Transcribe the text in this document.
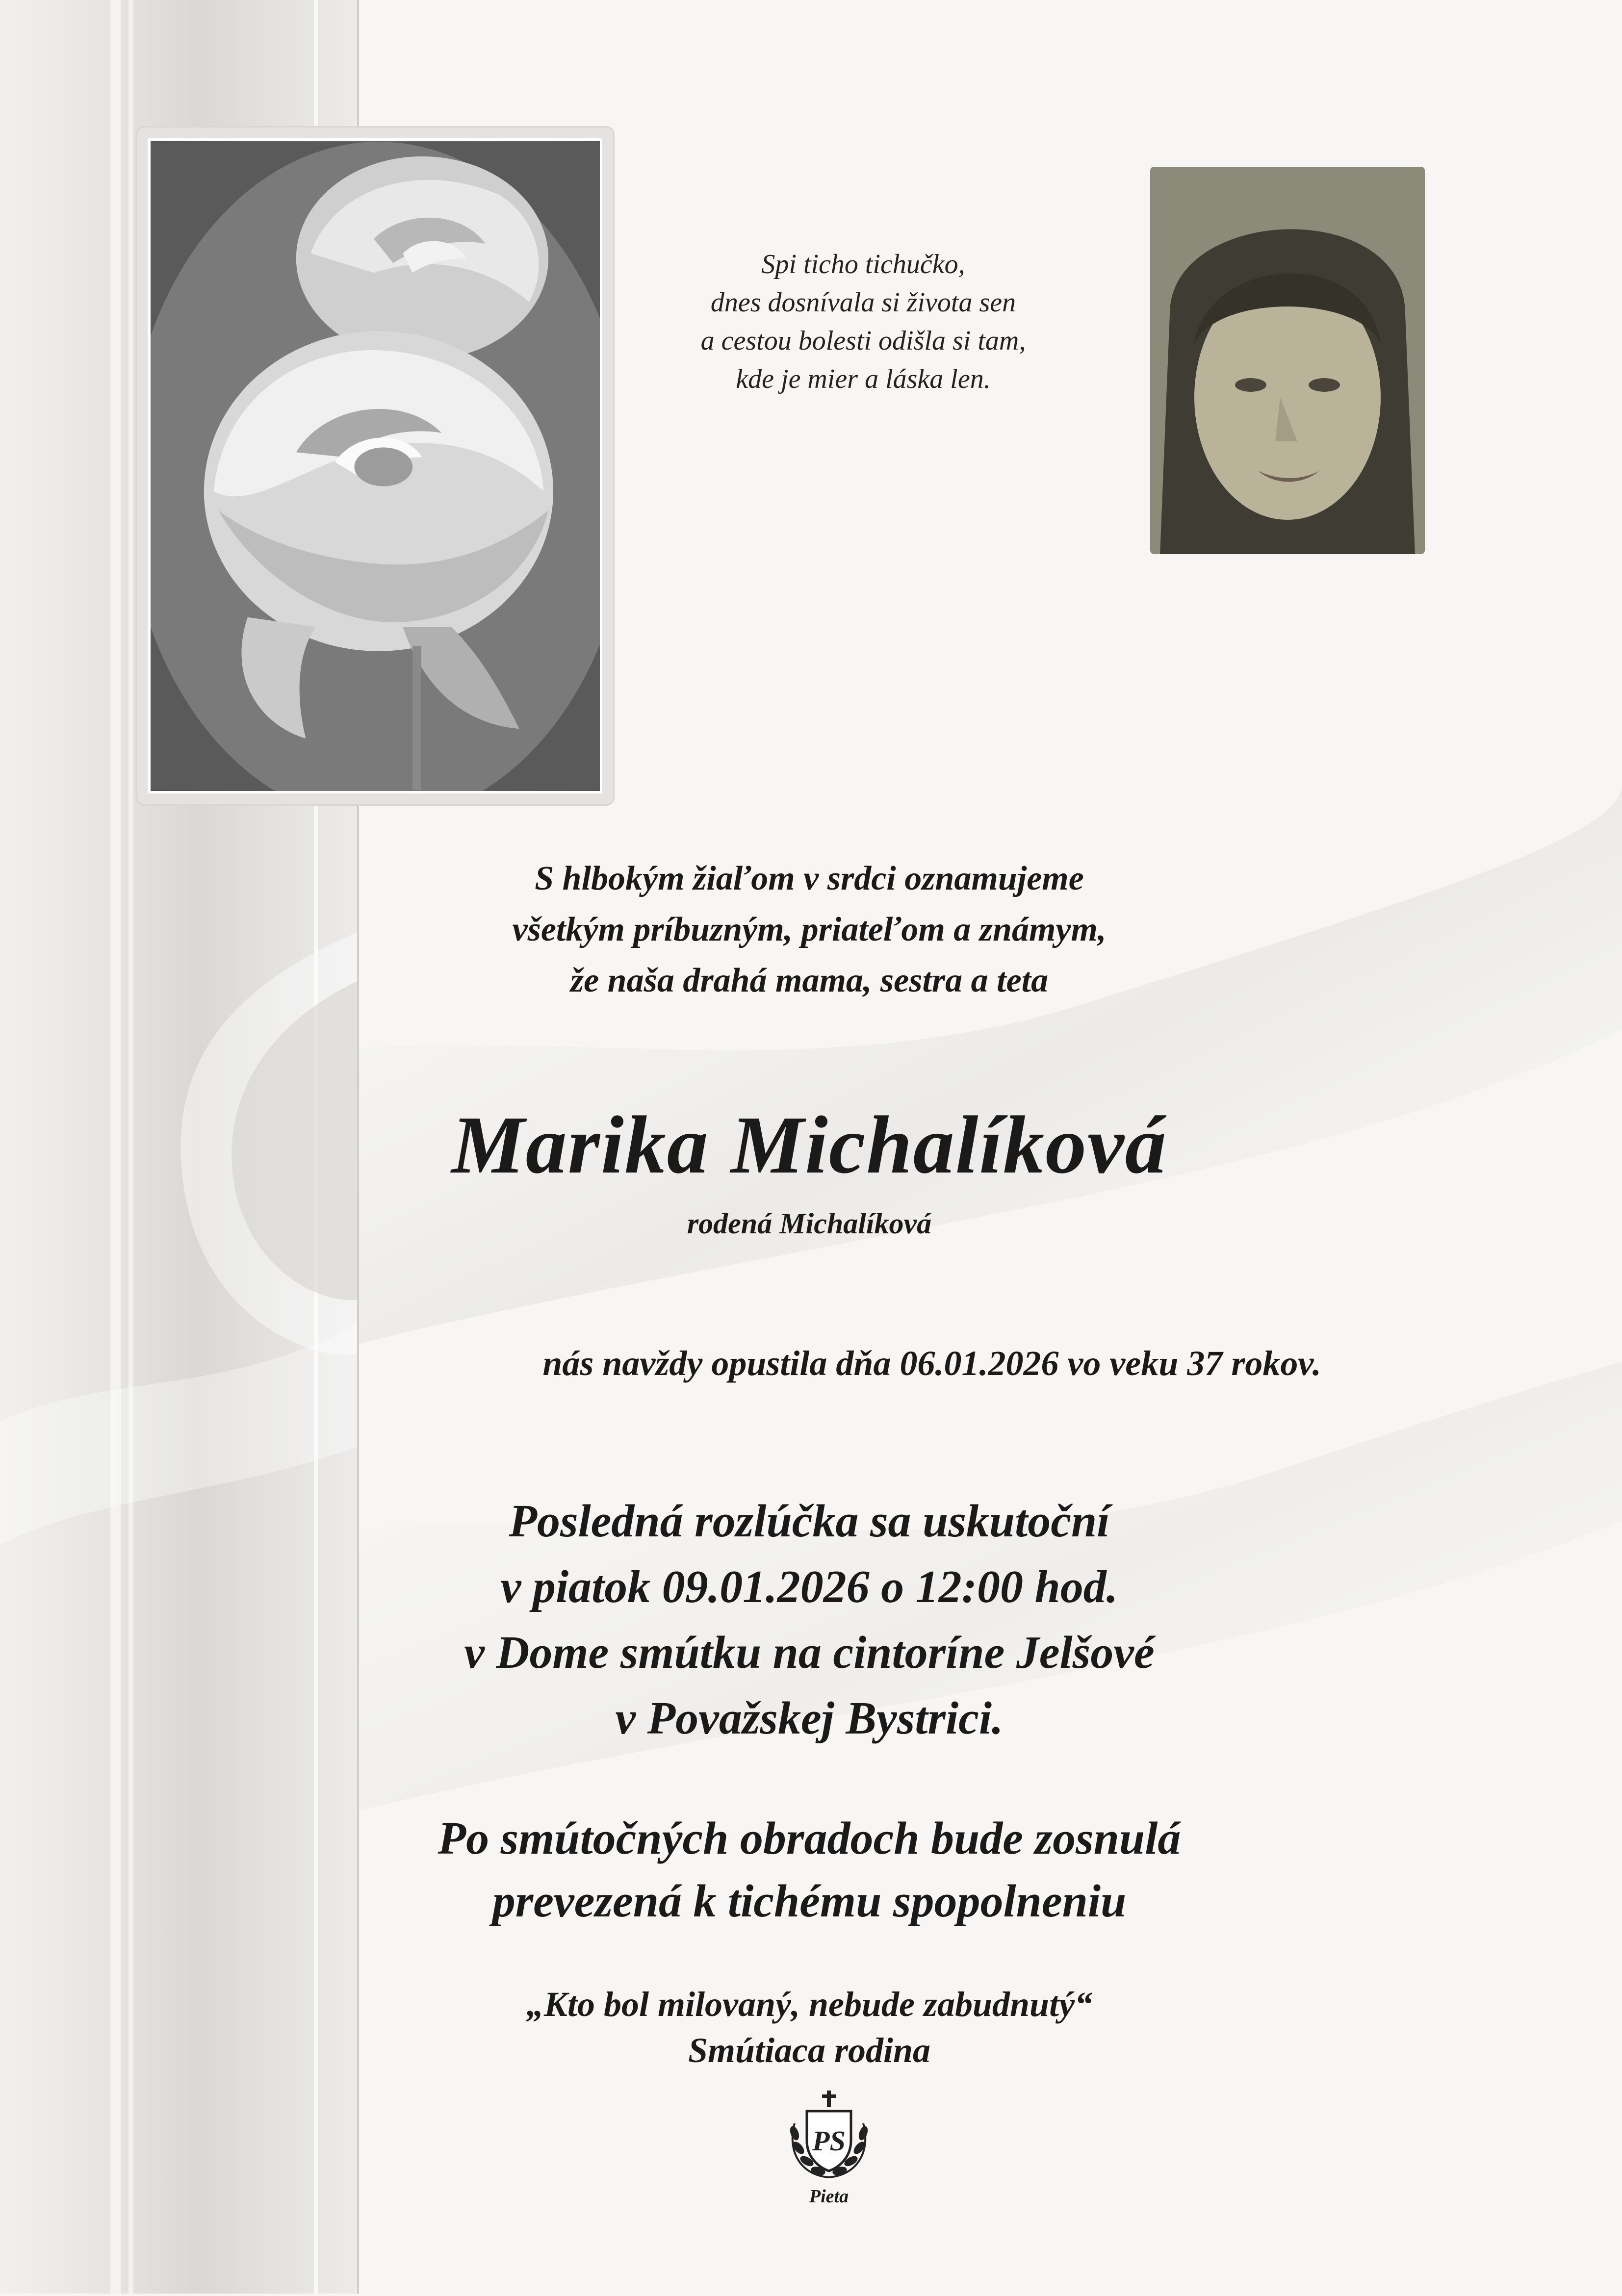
Spi ticho tichučko,
dnes dosnívala si života sen
a cestou bolesti odišla si tam,
kde je mier a láska len.
S hlbokým žiaľom v srdci oznamujeme
všetkým príbuzným, priateľom a známym,
že naša drahá mama, sestra a teta
Marika Michalíková
rodená Michalíková
nás navždy opustila dňa 06.01.2026 vo veku 37 rokov.
Posledná rozlúčka sa uskutoční
v piatok 09.01.2026 o 12:00 hod.
v Dome smútku na cintoríne Jelšové
v Považskej Bystrici.
Po smútočných obradoch bude zosnulá
prevezená k tichému spopolneniu
„Kto bol milovaný, nebude zabudnutý“
Smútiaca rodina
PS
Pieta
